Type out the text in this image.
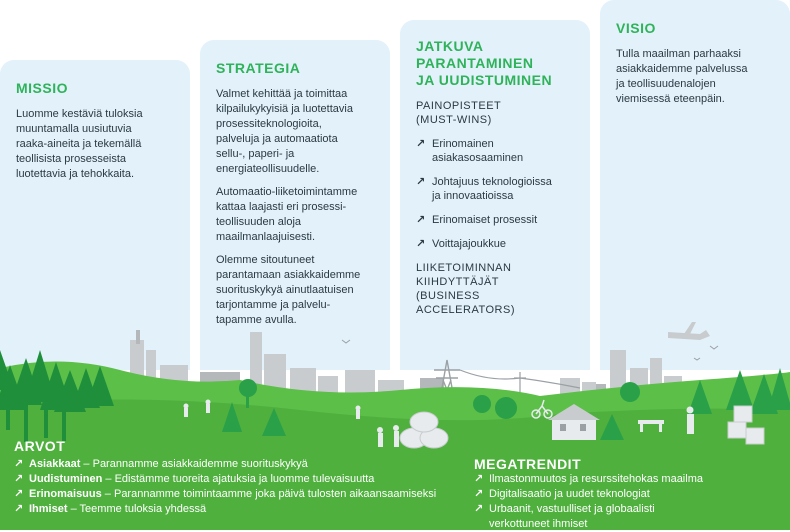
MISSIO
Luomme kestäviä tuloksia
muuntamalla uusiutuvia
raaka-aineita ja tekemällä
teollisista prosesseista
luotettavia ja tehokkaita.
STRATEGIA
Valmet kehittää ja toimittaa
kilpailukykyisiä ja luotettavia
prosessiteknologioita,
palveluja ja automaatiota
sellu-, paperi- ja
energiateollisuudelle.
Automaatio-liiketoimintamme
kattaa laajasti eri prosessi-
teollisuuden aloja
maailmanlaajuisesti.
Olemme sitoutuneet
parantamaan asiakkaidemme
suorituskykyä ainutlaatuisen
tarjontamme ja palvelu-
tapamme avulla.
JATKUVA
PARANTAMINEN
JA UUDISTUMINEN
PAINOPISTEET
(MUST-WINS)
↗ Erinomainen
asiakasosaaminen
↗ Johtajuus teknologioissa
ja innovaatioissa
↗ Erinomaiset prosessit
↗ Voittajajoukkue
LIIKETOIMINNAN
KIIHDYTTÄJÄT
(BUSINESS ACCELERATORS)
VISIO
Tulla maailman parhaaksi
asiakkaidemme palvelussa
ja teollisuudenalojen
viemisessä eteenpäin.
ARVOT
↗ Asiakkaat – Parannamme asiakkaidemme suorituskykyä
↗ Uudistuminen – Edistämme tuoreita ajatuksia ja luomme tulevaisuutta
↗ Erinomaisuus – Parannamme toimintaamme joka päivä tulosten aikaansaamiseksi
↗ Ihmiset – Teemme tuloksia yhdessä
MEGATRENDIT
↗ Ilmastonmuutos ja resurssitehokas maailma
↗ Digitalisaatio ja uudet teknologiat
↗ Urbaanit, vastuulliset ja globaalisti
verkottuneet ihmiset
